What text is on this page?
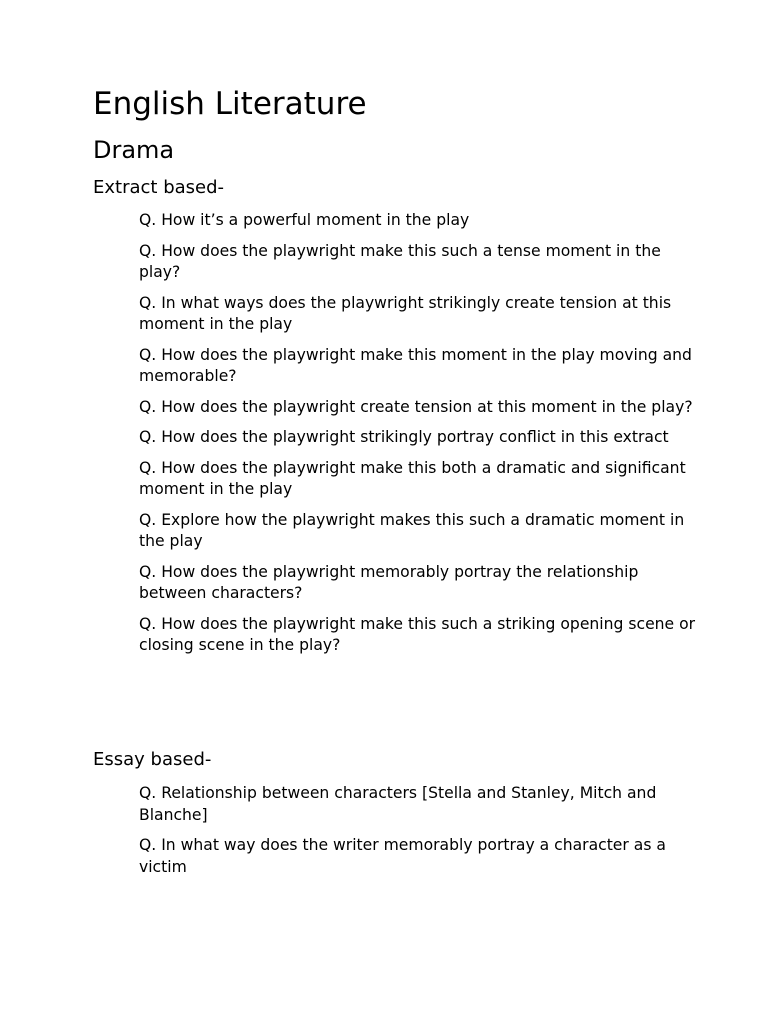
English Literature
Drama
Extract based-
Q. How it’s a powerful moment in the play
Q. How does the playwright make this such a tense moment in the play?
Q. In what ways does the playwright strikingly create tension at this moment in the play
Q. How does the playwright make this moment in the play moving and memorable?
Q. How does the playwright create tension at this moment in the play?
Q. How does the playwright strikingly portray conflict in this extract
Q. How does the playwright make this both a dramatic and significant moment in the play
Q. Explore how the playwright makes this such a dramatic moment in the play
Q. How does the playwright memorably portray the relationship between characters?
Q. How does the playwright make this such a striking opening scene or closing scene in the play?
Essay based-
Q. Relationship between characters [Stella and Stanley, Mitch and Blanche]
Q. In what way does the writer memorably portray a character as a victim
